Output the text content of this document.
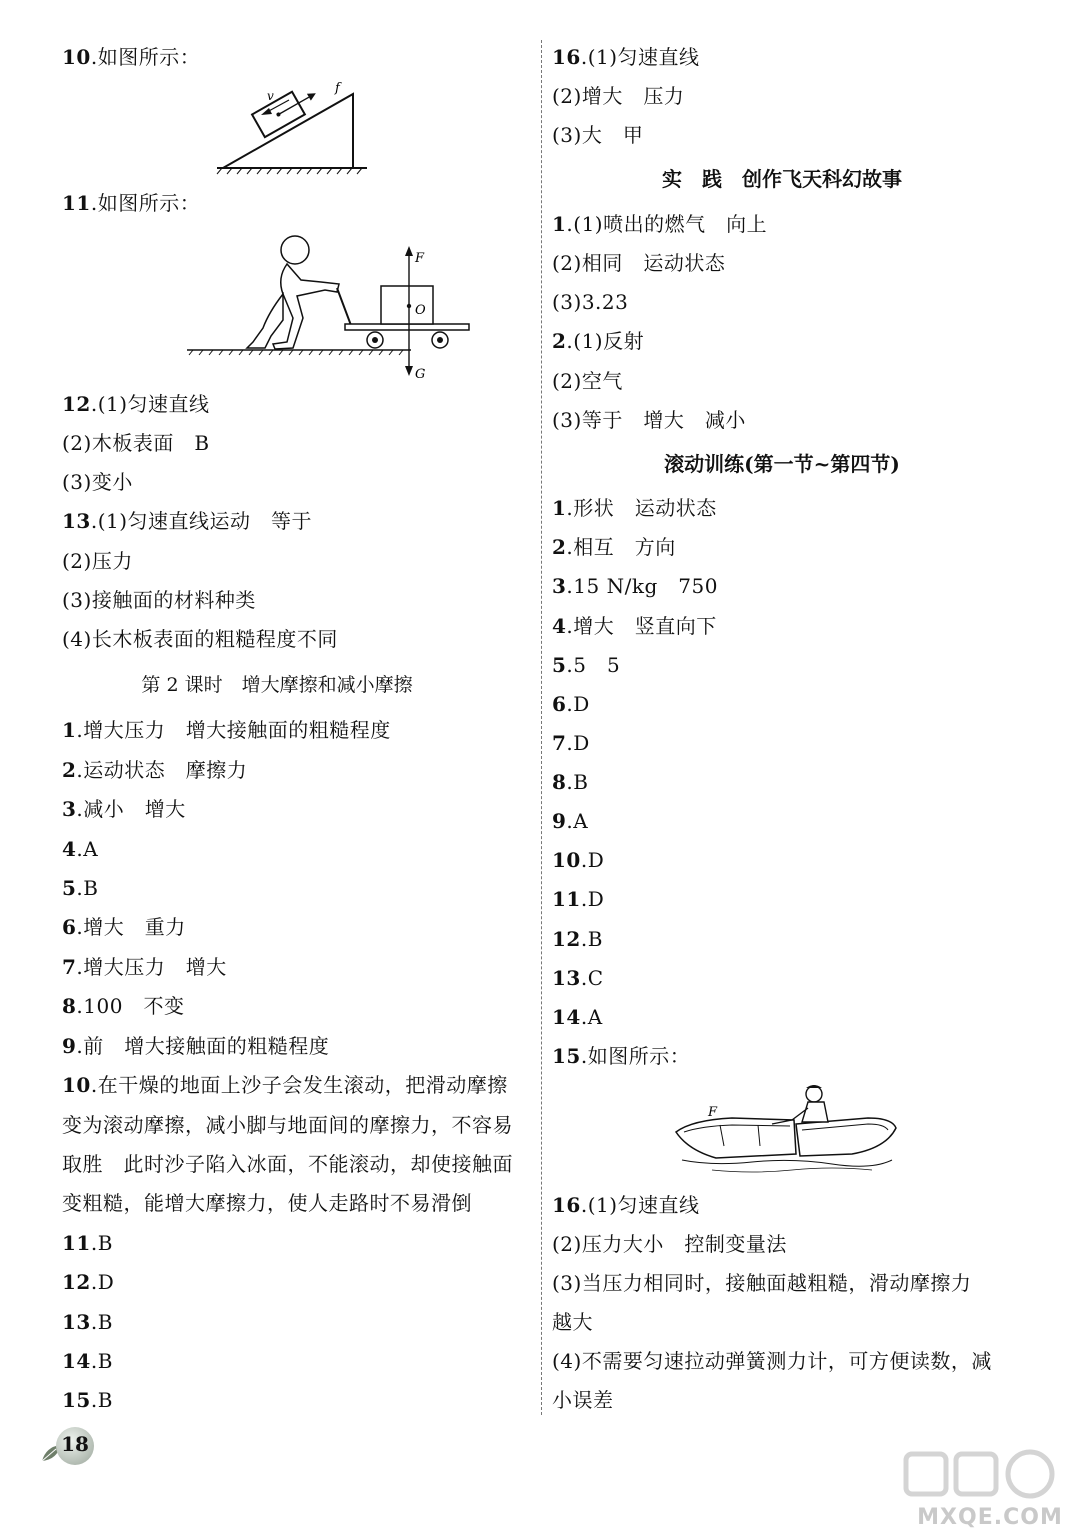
10.如图所示：
v	f
11.如图所示：
F
O
G
12.(1)匀速直线
(2)木板表面　B
(3)变小
13.(1)匀速直线运动　等于
(2)压力
(3)接触面的材料种类
(4)长木板表面的粗糙程度不同
第 2 课时　增大摩擦和减小摩擦
1.增大压力　增大接触面的粗糙程度
2.运动状态　摩擦力
3.减小　增大
4.A
5.B
6.增大　重力
7.增大压力　增大
8.100　不变
9.前　增大接触面的粗糙程度
10.在干燥的地面上沙子会发生滚动，把滑动摩擦
变为滚动摩擦，减小脚与地面间的摩擦力，不容易
取胜　此时沙子陷入冰面，不能滚动，却使接触面
变粗糙，能增大摩擦力，使人走路时不易滑倒
11.B
12.D
13.B
14.B
15.B
16.(1)匀速直线
(2)增大　压力
(3)大　甲
实　践　创作飞天科幻故事
1.(1)喷出的燃气　向上
(2)相同　运动状态
(3)3.23
2.(1)反射
(2)空气
(3)等于　增大　减小
滚动训练(第一节~第四节)
1.形状　运动状态
2.相互　方向
3.15 N/kg　750
4.增大　竖直向下
5.5　5
6.D
7.D
8.B
9.A
10.D
11.D
12.B
13.C
14.A
15.如图所示：
F
16.(1)匀速直线
(2)压力大小　控制变量法
(3)当压力相同时，接触面越粗糙，滑动摩擦力
越大
(4)不需要匀速拉动弹簧测力计，可方便读数，减
小误差
18
MXQE.COM
